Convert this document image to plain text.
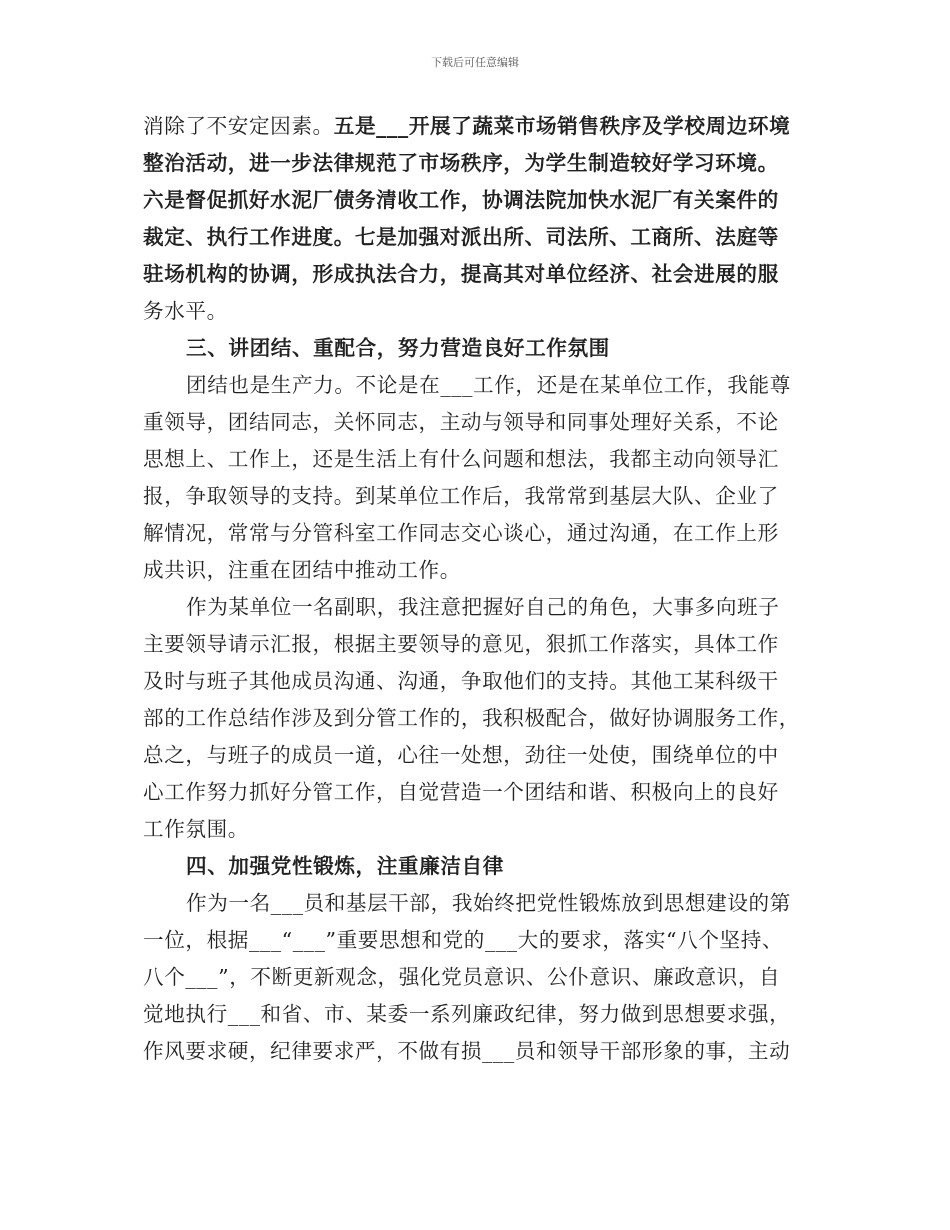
下载后可任意编辑
消除了不安定因素。五是___开展了蔬菜市场销售秩序及学校周边环境
整治活动，进一步法律规范了市场秩序，为学生制造较好学习环境。
六是督促抓好水泥厂债务清收工作，协调法院加快水泥厂有关案件的
裁定、执行工作进度。七是加强对派出所、司法所、工商所、法庭等
驻场机构的协调，形成执法合力，提高其对单位经济、社会进展的服
务水平。
三、讲团结、重配合，努力营造良好工作氛围
团结也是生产力。不论是在___工作，还是在某单位工作，我能尊
重领导，团结同志，关怀同志，主动与领导和同事处理好关系，不论
思想上、工作上，还是生活上有什么问题和想法，我都主动向领导汇
报，争取领导的支持。到某单位工作后，我常常到基层大队、企业了
解情况，常常与分管科室工作同志交心谈心，通过沟通，在工作上形
成共识，注重在团结中推动工作。
作为某单位一名副职，我注意把握好自己的角色，大事多向班子
主要领导请示汇报，根据主要领导的意见，狠抓工作落实，具体工作
及时与班子其他成员沟通、沟通，争取他们的支持。其他工某科级干
部的工作总结作涉及到分管工作的，我积极配合，做好协调服务工作，
总之，与班子的成员一道，心往一处想，劲往一处使，围绕单位的中
心工作努力抓好分管工作，自觉营造一个团结和谐、积极向上的良好
工作氛围。
四、加强党性锻炼，注重廉洁自律
作为一名___员和基层干部，我始终把党性锻炼放到思想建设的第
一位，根据___“___”重要思想和党的___大的要求，落实“八个坚持、
八个___”，不断更新观念，强化党员意识、公仆意识、廉政意识，自
觉地执行___和省、市、某委一系列廉政纪律，努力做到思想要求强，
作风要求硬，纪律要求严，不做有损___员和领导干部形象的事，主动
